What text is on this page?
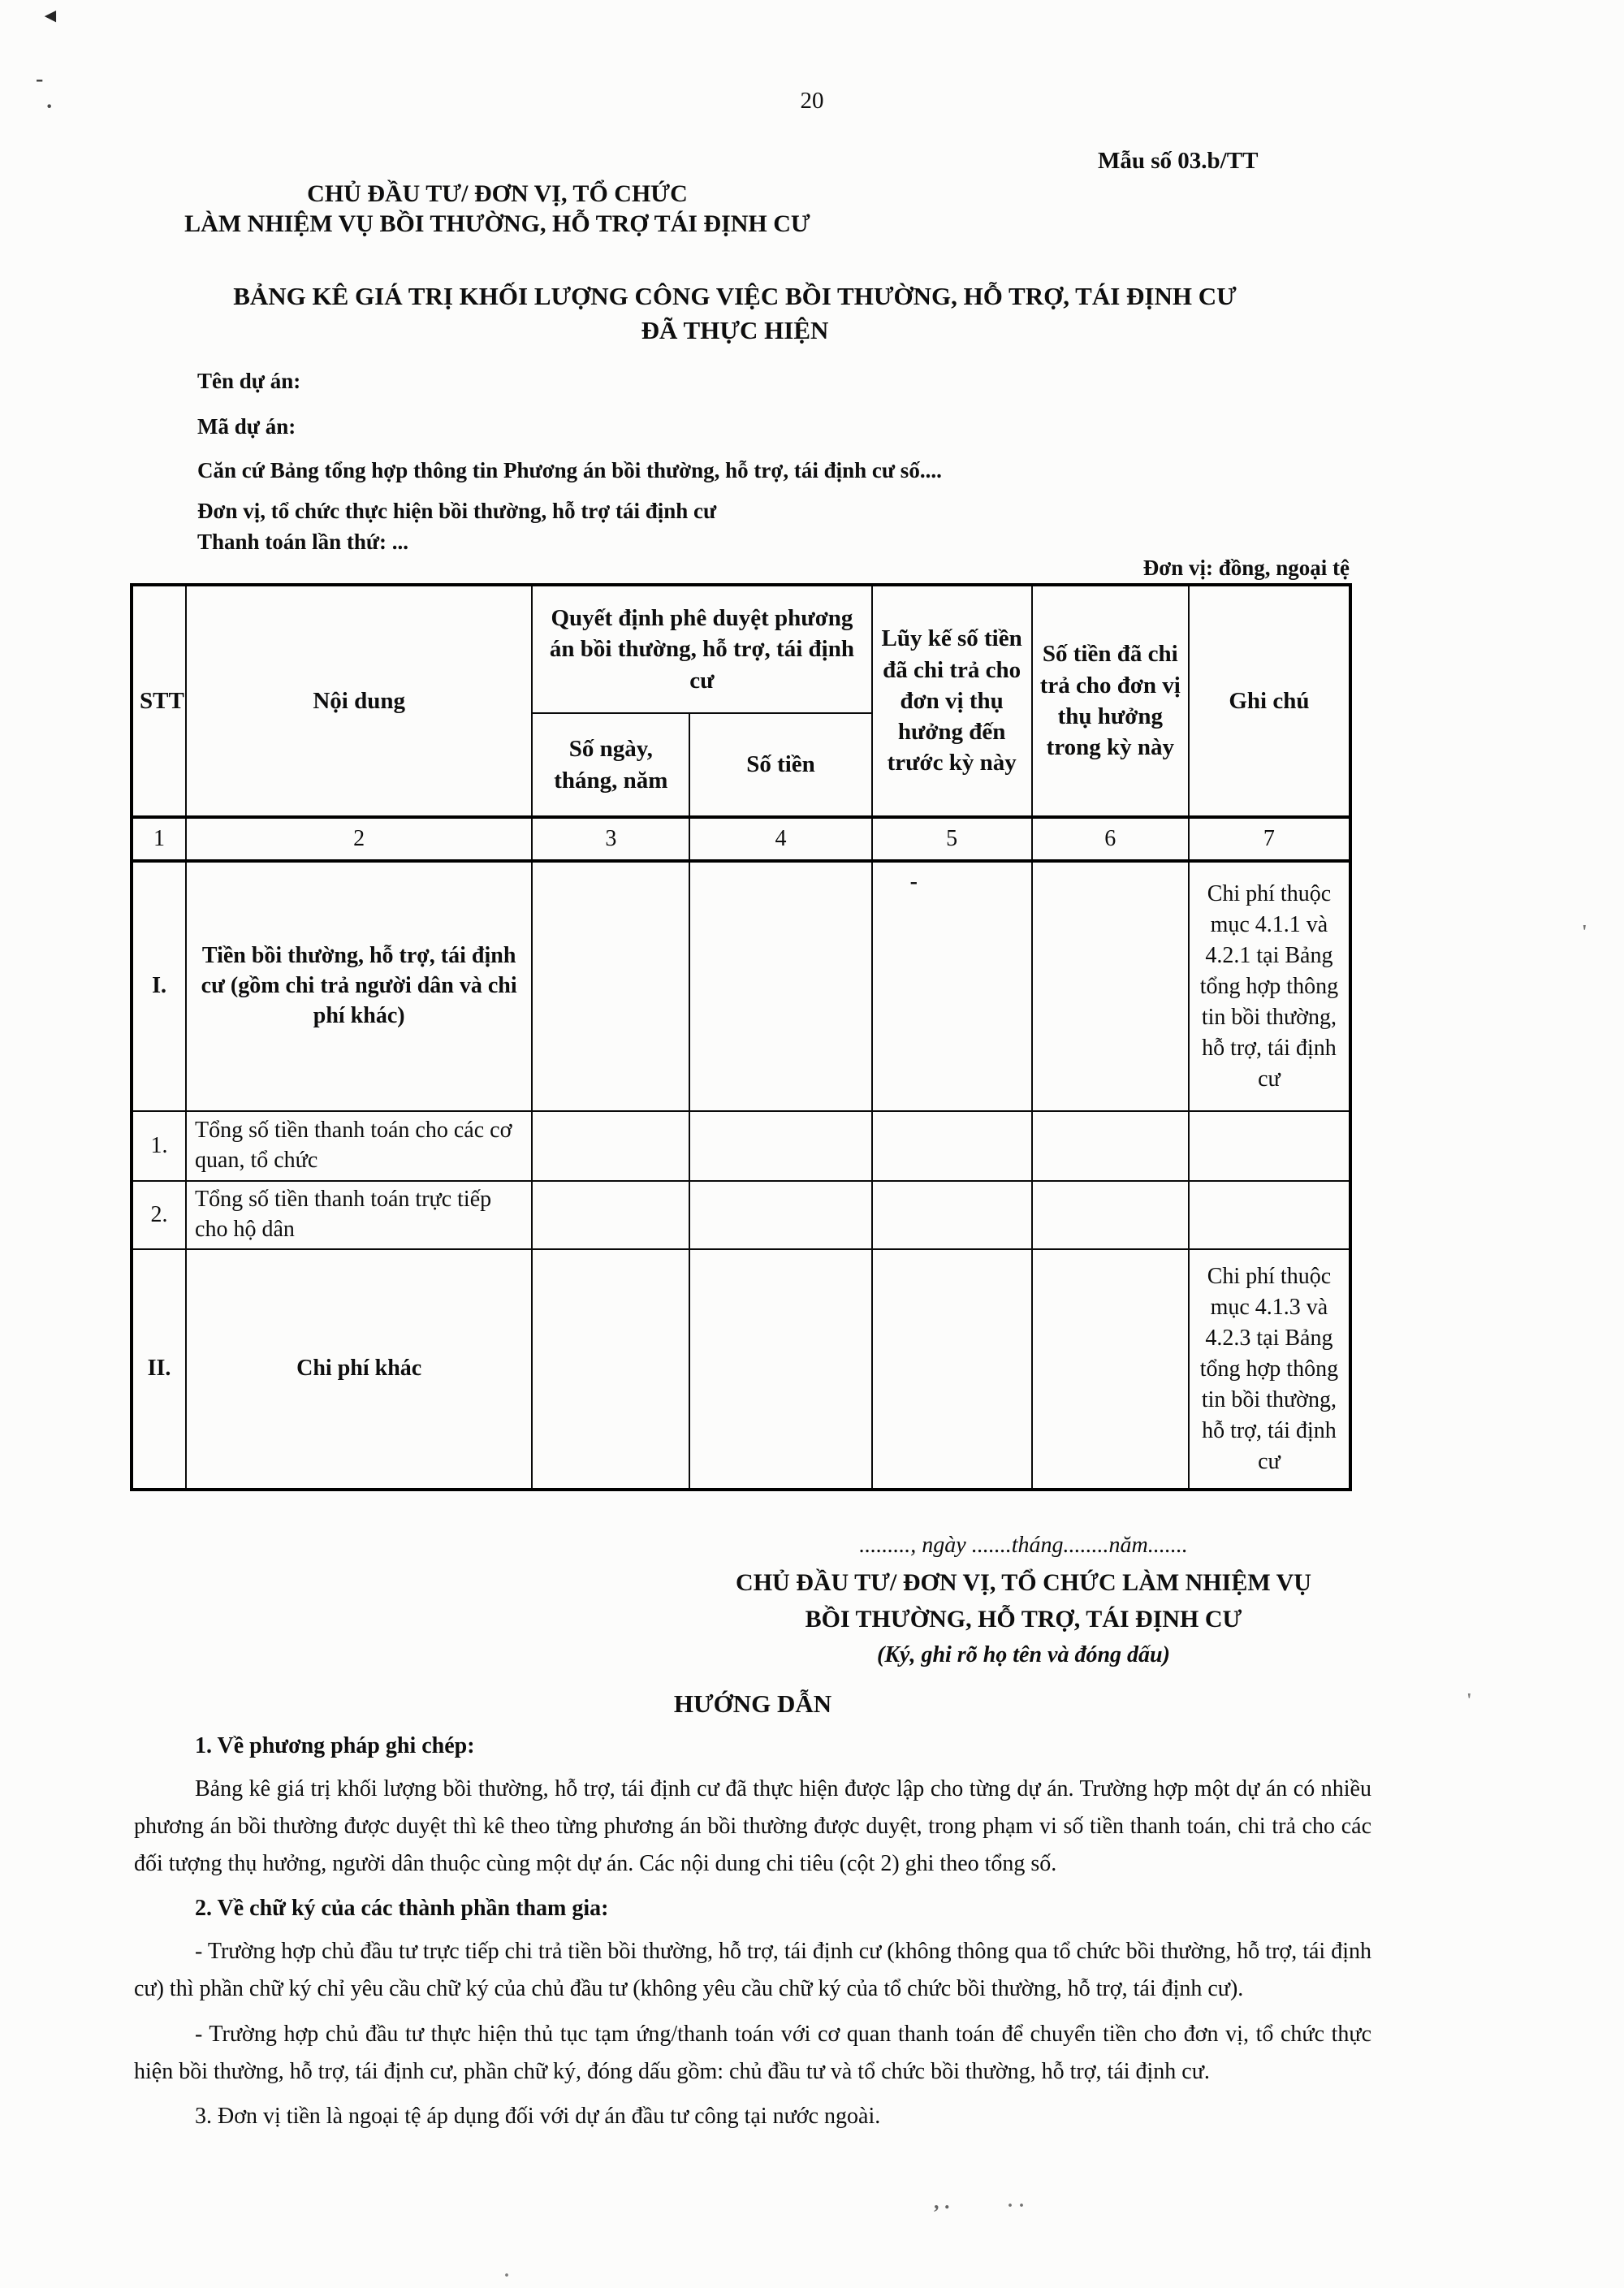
20
Mẫu số 03.b/TT
CHỦ ĐẦU TƯ/ ĐƠN VỊ, TỔ CHỨC
LÀM NHIỆM VỤ BỒI THƯỜNG, HỖ TRỢ TÁI ĐỊNH CƯ
BẢNG KÊ GIÁ TRỊ KHỐI LƯỢNG CÔNG VIỆC BỒI THƯỜNG, HỖ TRỢ, TÁI ĐỊNH CƯ
ĐÃ THỰC HIỆN
Tên dự án:
Mã dự án:
Căn cứ Bảng tổng hợp thông tin Phương án bồi thường, hỗ trợ, tái định cư số....
Đơn vị, tổ chức thực hiện bồi thường, hỗ trợ tái định cư
Thanh toán lần thứ: ...
Đơn vị: đồng, ngoại tệ
STT	Nội dung	Quyết định phê duyệt phương án bồi thường, hỗ trợ, tái định cư		Lũy kế số tiền đã chi trả cho đơn vị thụ hưởng đến trước kỳ này	Số tiền đã chi trả cho đơn vị thụ hưởng trong kỳ này	Ghi chú
		Số ngày, tháng, năm	Số tiền			
1	2	3	4	5	6	7
I.	Tiền bồi thường, hỗ trợ, tái định cư (gồm chi trả người dân và chi phí khác)			-		Chi phí thuộc mục 4.1.1 và 4.2.1 tại Bảng tổng hợp thông tin bồi thường, hỗ trợ, tái định cư
1.	Tổng số tiền thanh toán cho các cơ quan, tổ chức					
2.	Tổng số tiền thanh toán trực tiếp cho hộ dân					
II.	Chi phí khác					Chi phí thuộc mục 4.1.3 và 4.2.3 tại Bảng tổng hợp thông tin bồi thường, hỗ trợ, tái định cư
........., ngày .......tháng........năm.......
CHỦ ĐẦU TƯ/ ĐƠN VỊ, TỔ CHỨC LÀM NHIỆM VỤ
BỒI THƯỜNG, HỖ TRỢ, TÁI ĐỊNH CƯ
(Ký, ghi rõ họ tên và đóng dấu)
HƯỚNG DẪN
1. Về phương pháp ghi chép:

Bảng kê giá trị khối lượng bồi thường, hỗ trợ, tái định cư đã thực hiện được lập cho từng dự án. Trường hợp một dự án có nhiều phương án bồi thường được duyệt thì kê theo từng phương án bồi thường được duyệt, trong phạm vi số tiền thanh toán, chi trả cho các đối tượng thụ hưởng, người dân thuộc cùng một dự án. Các nội dung chi tiêu (cột 2) ghi theo tổng số.

2. Về chữ ký của các thành phần tham gia:

- Trường hợp chủ đầu tư trực tiếp chi trả tiền bồi thường, hỗ trợ, tái định cư (không thông qua tổ chức bồi thường, hỗ trợ, tái định cư) thì phần chữ ký chỉ yêu cầu chữ ký của chủ đầu tư (không yêu cầu chữ ký của tổ chức bồi thường, hỗ trợ, tái định cư).

- Trường hợp chủ đầu tư thực hiện thủ tục tạm ứng/thanh toán với cơ quan thanh toán để chuyển tiền cho đơn vị, tổ chức thực hiện bồi thường, hỗ trợ, tái định cư, phần chữ ký, đóng dấu gồm: chủ đầu tư và tổ chức bồi thường, hỗ trợ, tái định cư.

3. Đơn vị tiền là ngoại tệ áp dụng đối với dự án đầu tư công tại nước ngoài.
◄
-
·
'
'
, .	· ·
·
